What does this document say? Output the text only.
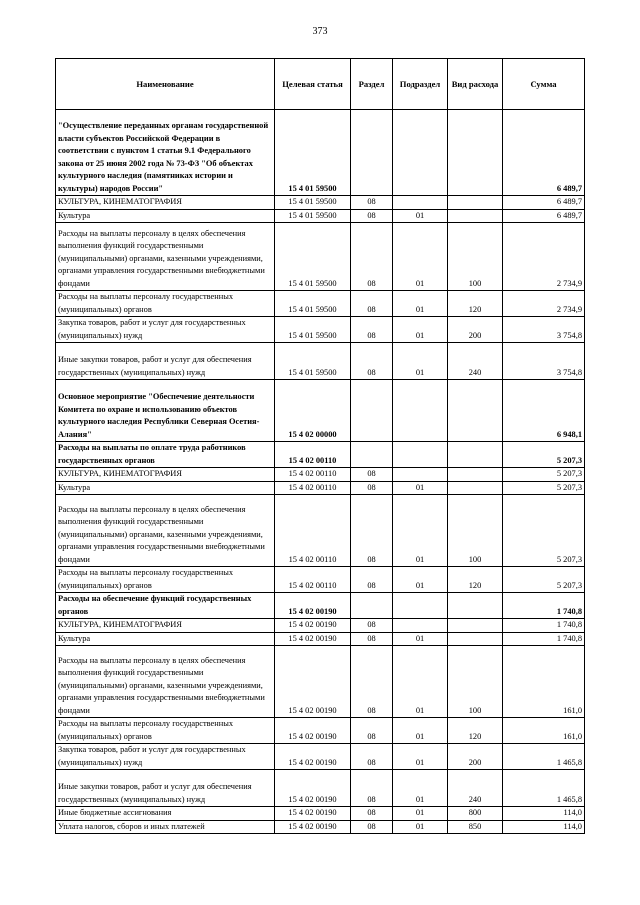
373
Наименование	Целевая статья	Раздел	Подраздел	Вид расхода	Сумма
"Осуществление переданных органам государственной власти субъектов Российской Федерации в соответствии с пунктом 1 статьи 9.1 Федерального закона от 25 июня 2002 года № 73-ФЗ "Об объектах культурного наследия (памятниках истории и культуры) народов России"	15 4 01 59500				6 489,7
КУЛЬТУРА, КИНЕМАТОГРАФИЯ	15 4 01 59500	08			6 489,7
Культура	15 4 01 59500	08	01		6 489,7
Расходы на выплаты персоналу в целях обеспечения выполнения функций государственными (муниципальными) органами, казенными учреждениями, органами управления государственными внебюджетными фондами	15 4 01 59500	08	01	100	2 734,9
Расходы на выплаты персоналу государственных (муниципальных) органов	15 4 01 59500	08	01	120	2 734,9
Закупка товаров, работ и услуг для государственных (муниципальных) нужд	15 4 01 59500	08	01	200	3 754,8
Иные закупки товаров, работ и услуг для обеспечения государственных (муниципальных) нужд	15 4 01 59500	08	01	240	3 754,8
Основное мероприятие "Обеспечение деятельности Комитета по охране и использованию объектов культурного наследия Республики Северная Осетия-Алания"	15 4 02 00000				6 948,1
Расходы на выплаты по оплате труда работников государственных органов	15 4 02 00110				5 207,3
КУЛЬТУРА, КИНЕМАТОГРАФИЯ	15 4 02 00110	08			5 207,3
Культура	15 4 02 00110	08	01		5 207,3
Расходы на выплаты персоналу в целях обеспечения выполнения функций государственными (муниципальными) органами, казенными учреждениями, органами управления государственными внебюджетными фондами	15 4 02 00110	08	01	100	5 207,3
Расходы на выплаты персоналу государственных (муниципальных) органов	15 4 02 00110	08	01	120	5 207,3
Расходы на обеспечение функций государственных органов	15 4 02 00190				1 740,8
КУЛЬТУРА, КИНЕМАТОГРАФИЯ	15 4 02 00190	08			1 740,8
Культура	15 4 02 00190	08	01		1 740,8
Расходы на выплаты персоналу в целях обеспечения выполнения функций государственными (муниципальными) органами, казенными учреждениями, органами управления государственными внебюджетными фондами	15 4 02 00190	08	01	100	161,0
Расходы на выплаты персоналу государственных (муниципальных) органов	15 4 02 00190	08	01	120	161,0
Закупка товаров, работ и услуг для государственных (муниципальных) нужд	15 4 02 00190	08	01	200	1 465,8
Иные закупки товаров, работ и услуг для обеспечения государственных (муниципальных) нужд	15 4 02 00190	08	01	240	1 465,8
Иные бюджетные ассигнования	15 4 02 00190	08	01	800	114,0
Уплата налогов, сборов и иных платежей	15 4 02 00190	08	01	850	114,0
